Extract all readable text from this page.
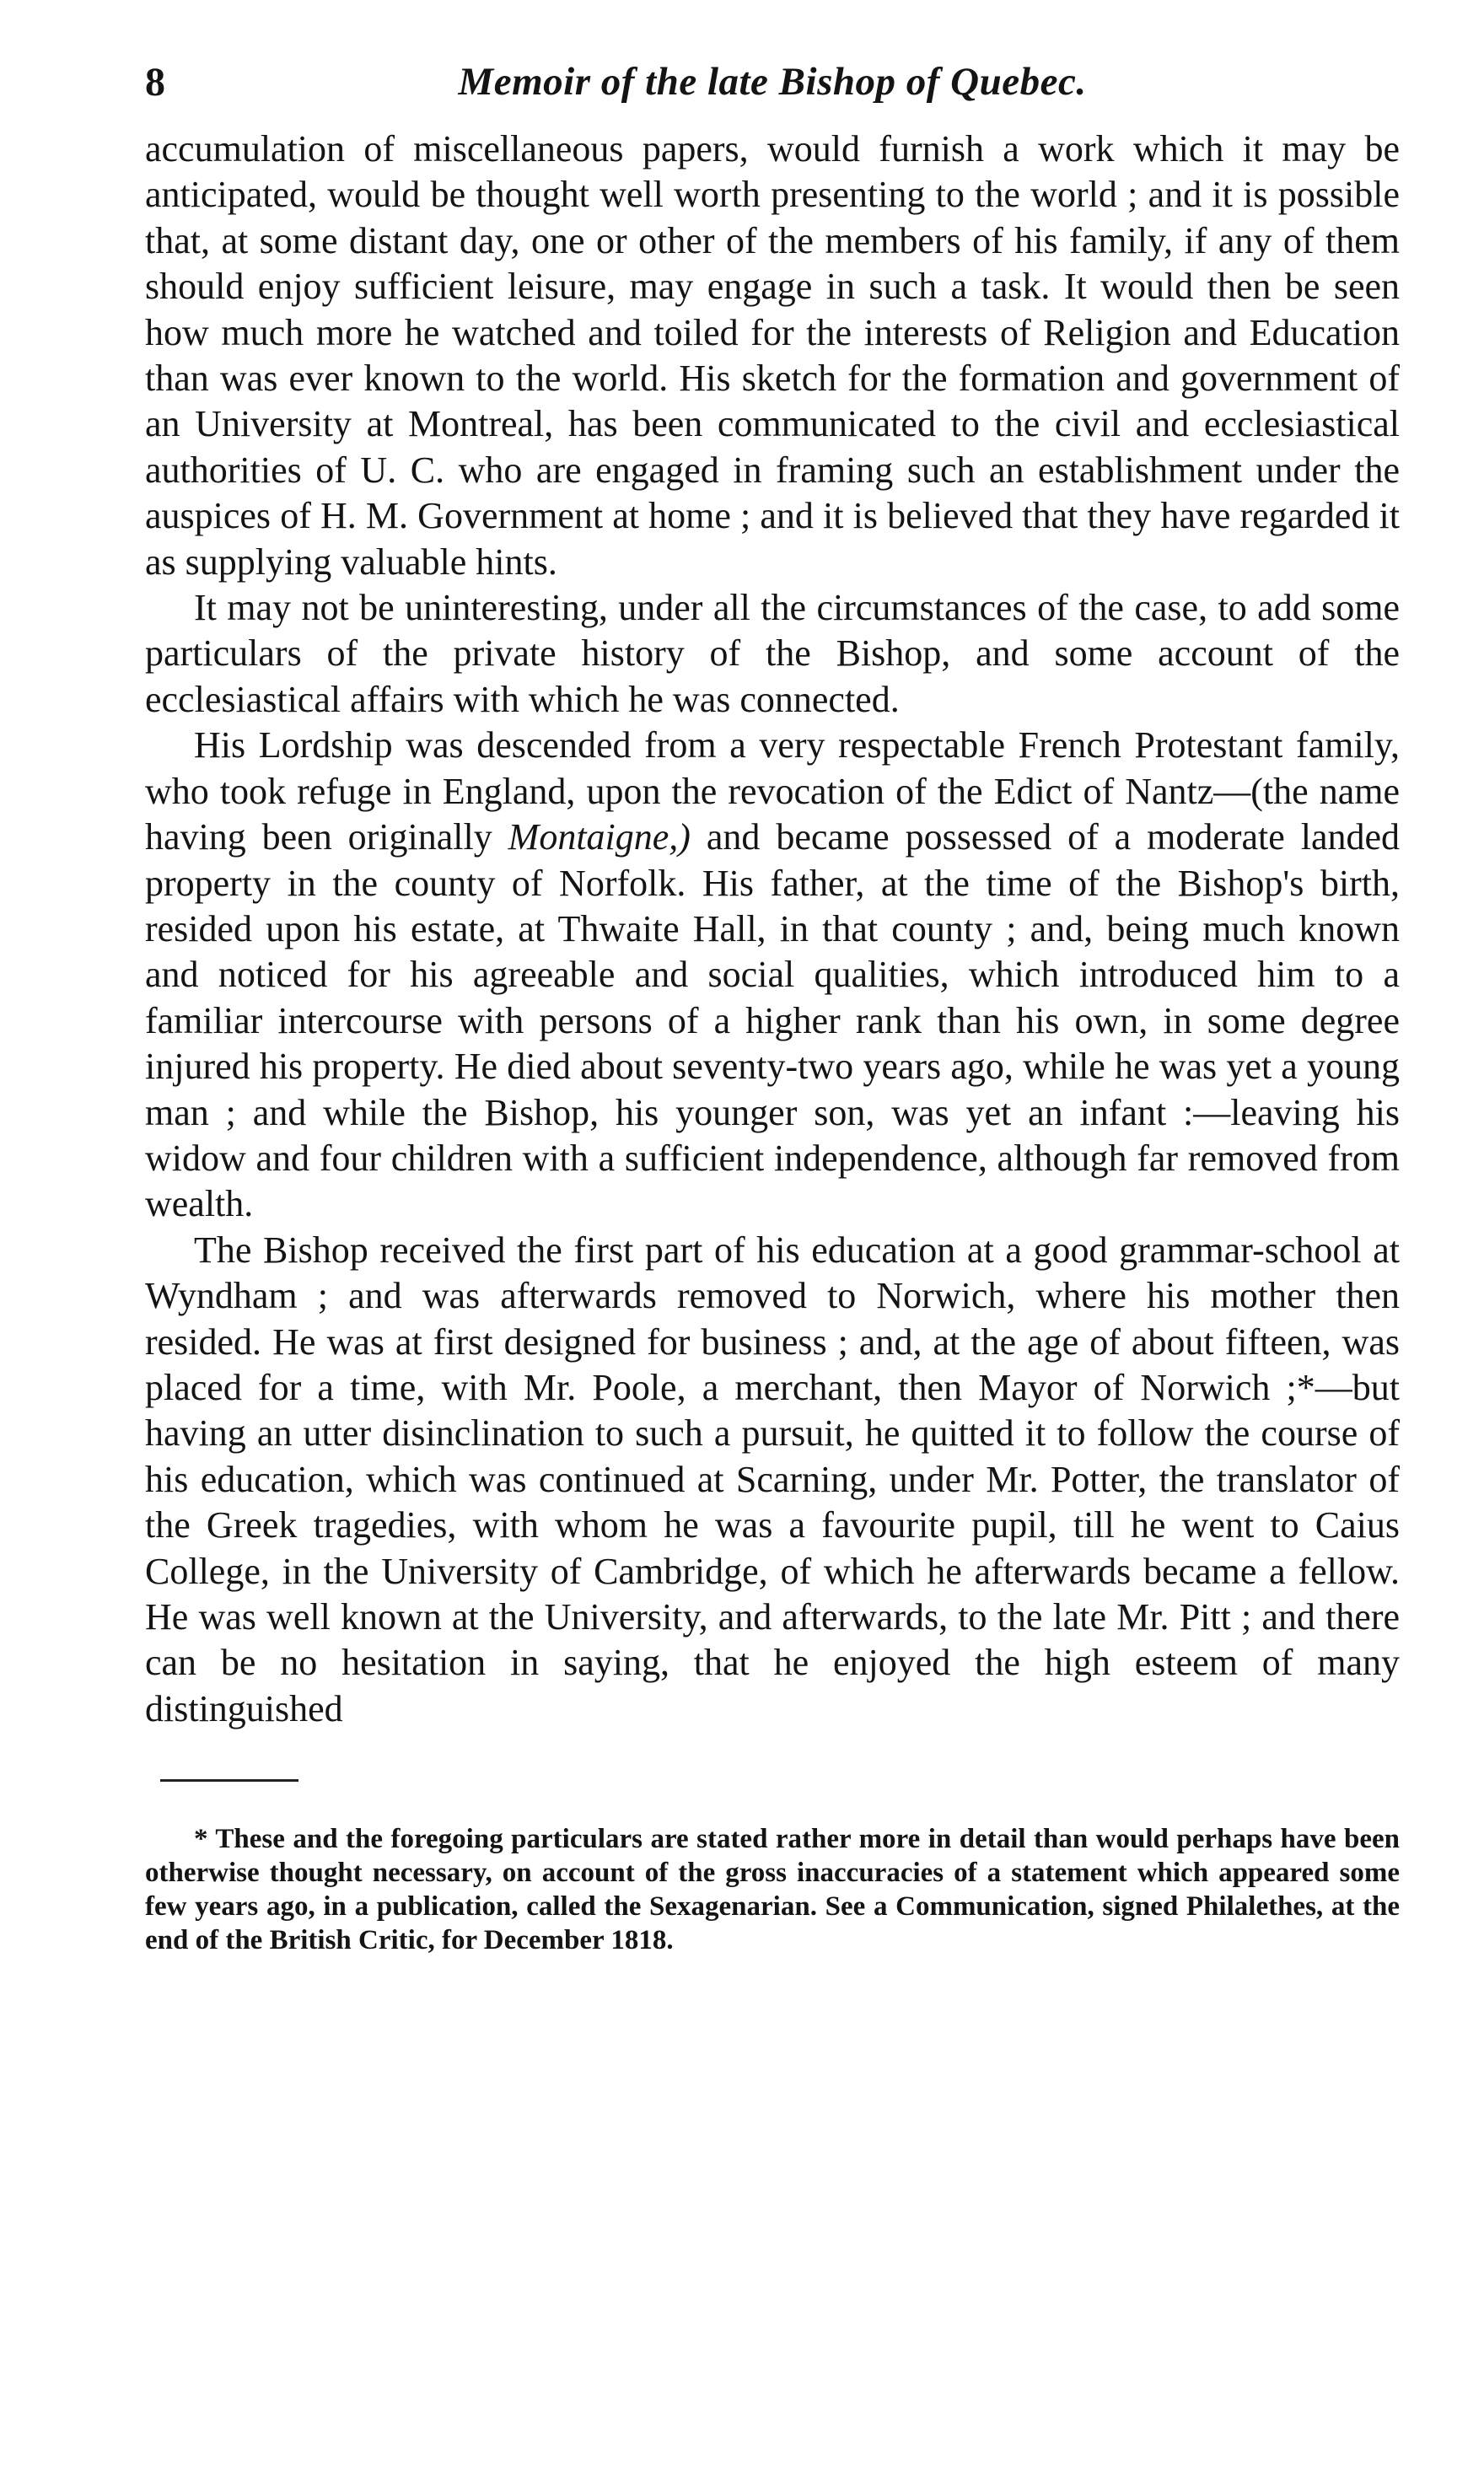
8	Memoir of the late Bishop of Quebec.

accumulation of miscellaneous papers, would furnish a work which it may be anticipated, would be thought well worth presenting to the world ; and it is possible that, at some distant day, one or other of the members of his family, if any of them should enjoy sufficient leisure, may engage in such a task. It would then be seen how much more he watched and toiled for the interests of Religion and Education than was ever known to the world. His sketch for the formation and government of an University at Montreal, has been communicated to the civil and ecclesiastical authorities of U. C. who are engaged in framing such an establishment under the auspices of H. M. Government at home ; and it is believed that they have regarded it as supplying valuable hints.

It may not be uninteresting, under all the circumstances of the case, to add some particulars of the private history of the Bishop, and some account of the ecclesiastical affairs with which he was connected.

His Lordship was descended from a very respectable French Protestant family, who took refuge in England, upon the revocation of the Edict of Nantz—(the name having been originally Montaigne,) and became possessed of a moderate landed property in the county of Norfolk. His father, at the time of the Bishop's birth, resided upon his estate, at Thwaite Hall, in that county ; and, being much known and noticed for his agreeable and social qualities, which introduced him to a familiar intercourse with persons of a higher rank than his own, in some degree injured his property. He died about seventy-two years ago, while he was yet a young man ; and while the Bishop, his younger son, was yet an infant :—leaving his widow and four children with a sufficient independence, although far removed from wealth.

The Bishop received the first part of his education at a good grammar-school at Wyndham ; and was afterwards removed to Norwich, where his mother then resided. He was at first designed for business ; and, at the age of about fifteen, was placed for a time, with Mr. Poole, a merchant, then Mayor of Norwich ;*—but having an utter disinclination to such a pursuit, he quitted it to follow the course of his education, which was continued at Scarning, under Mr. Potter, the translator of the Greek tragedies, with whom he was a favourite pupil, till he went to Caius College, in the University of Cambridge, of which he afterwards became a fellow. He was well known at the University, and afterwards, to the late Mr. Pitt ; and there can be no hesitation in saying, that he enjoyed the high esteem of many distinguished

* These and the foregoing particulars are stated rather more in detail than would perhaps have been otherwise thought necessary, on account of the gross inaccuracies of a statement which appeared some few years ago, in a publication, called the Sexagenarian. See a Communication, signed Philalethes, at the end of the British Critic, for December 1818.
